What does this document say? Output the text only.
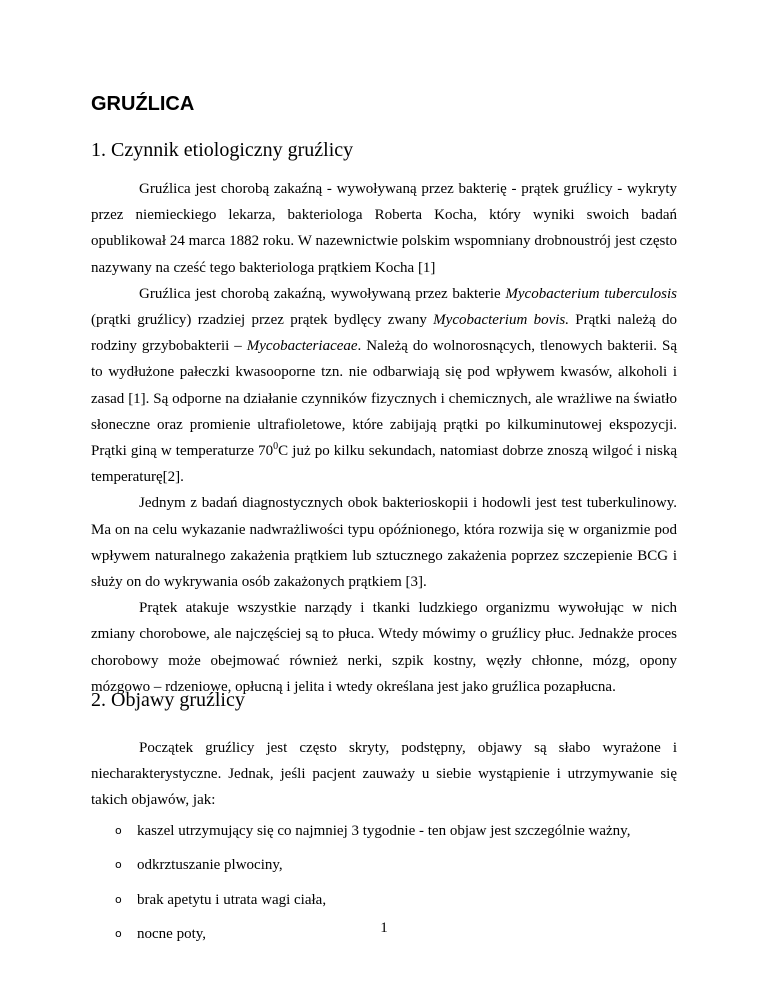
GRUŹLICA
1. Czynnik etiologiczny gruźlicy

Gruźlica jest chorobą zakaźną - wywoływaną przez bakterię - prątek gruźlicy - wykryty przez niemieckiego lekarza, bakteriologa Roberta Kocha, który wyniki swoich badań opublikował 24 marca 1882 roku. W nazewnictwie polskim wspomniany drobnoustrój jest często nazywany na cześć tego bakteriologa prątkiem Kocha [1]

Gruźlica jest chorobą zakaźną, wywoływaną przez bakterie Mycobacterium tuberculosis (prątki gruźlicy) rzadziej przez prątek bydlęcy zwany Mycobacterium bovis. Prątki należą do rodziny grzybobakterii – Mycobacteriaceae. Należą do wolnorosnących, tlenowych bakterii. Są to wydłużone pałeczki kwasooporne tzn. nie odbarwiają się pod wpływem kwasów, alkoholi i zasad [1]. Są odporne na działanie czynników fizycznych i chemicznych, ale wrażliwe na światło słoneczne oraz promienie ultrafioletowe, które zabijają prątki po kilkuminutowej ekspozycji. Prątki giną w temperaturze $70^0C$ już po kilku sekundach, natomiast dobrze znoszą wilgoć i niską temperaturę[2].

Jednym z badań diagnostycznych obok bakterioskopii i hodowli jest test tuberkulinowy. Ma on na celu wykazanie nadwrażliwości typu opóźnionego, która rozwija się w organizmie pod wpływem naturalnego zakażenia prątkiem lub sztucznego zakażenia poprzez szczepienie BCG i służy on do wykrywania osób zakażonych prątkiem [3].

Prątek atakuje wszystkie narządy i tkanki ludzkiego organizmu wywołując w nich zmiany chorobowe, ale najczęściej są to płuca. Wtedy mówimy o gruźlicy płuc. Jednakże proces chorobowy może obejmować również nerki, szpik kostny, węzły chłonne, mózg, opony mózgowo – rdzeniowe, opłucną i jelita i wtedy określana jest jako gruźlica pozapłucna.

2. Objawy gruźlicy

Początek gruźlicy jest często skryty, podstępny, objawy są słabo wyrażone i niecharakterystyczne. Jednak, jeśli pacjent zauważy u siebie wystąpienie i utrzymywanie się takich objawów, jak:

o kaszel utrzymujący się co najmniej 3 tygodnie - ten objaw jest szczególnie ważny,
o odkrztuszanie plwociny,
o brak apetytu i utrata wagi ciała,
o nocne poty,	1
